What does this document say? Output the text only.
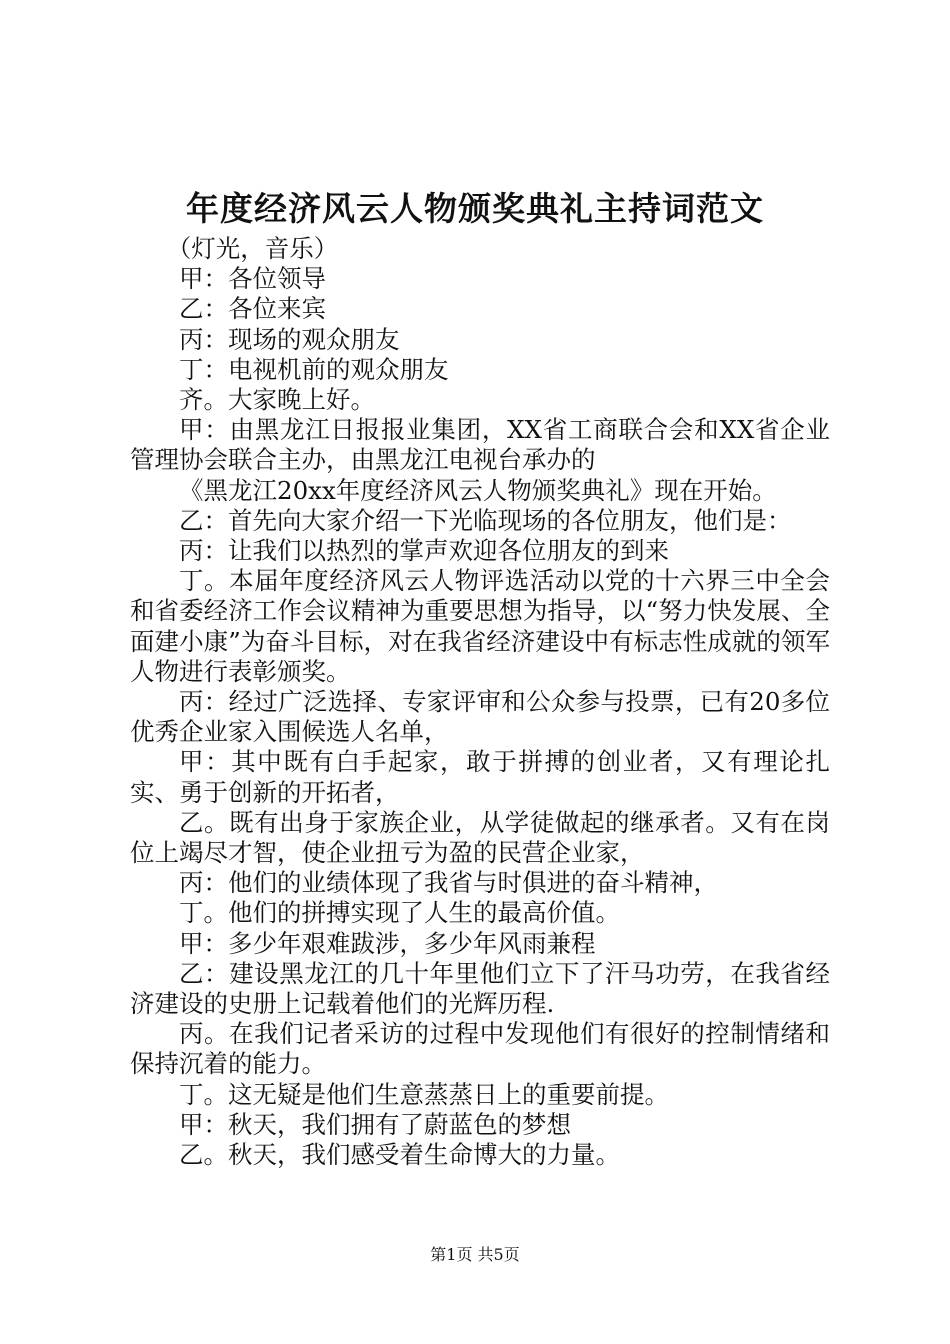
年度经济风云人物颁奖典礼主持词范文

（灯光，音乐）

甲：各位领导

乙：各位来宾

丙：现场的观众朋友

丁：电视机前的观众朋友

齐。大家晚上好。

甲：由黑龙江日报报业集团，XX省工商联合会和XX省企业管理协会联合主办，由黑龙江电视台承办的

《黑龙江20xx年度经济风云人物颁奖典礼》现在开始。

乙：首先向大家介绍一下光临现场的各位朋友，他们是：

丙：让我们以热烈的掌声欢迎各位朋友的到来

丁。本届年度经济风云人物评选活动以党的十六界三中全会和省委经济工作会议精神为重要思想为指导，以“努力快发展、全面建小康”为奋斗目标，对在我省经济建设中有标志性成就的领军人物进行表彰颁奖。

丙：经过广泛选择、专家评审和公众参与投票，已有20多位优秀企业家入围候选人名单，

甲：其中既有白手起家，敢于拼搏的创业者，又有理论扎实、勇于创新的开拓者，

乙。既有出身于家族企业，从学徒做起的继承者。又有在岗位上竭尽才智，使企业扭亏为盈的民营企业家，

丙：他们的业绩体现了我省与时俱进的奋斗精神，

丁。他们的拼搏实现了人生的最高价值。

甲：多少年艰难跋涉，多少年风雨兼程

乙：建设黑龙江的几十年里他们立下了汗马功劳，在我省经济建设的史册上记载着他们的光辉历程.

丙。在我们记者采访的过程中发现他们有很好的控制情绪和保持沉着的能力。

丁。这无疑是他们生意蒸蒸日上的重要前提。

甲：秋天，我们拥有了蔚蓝色的梦想

乙。秋天，我们感受着生命博大的力量。

第1页 共5页
